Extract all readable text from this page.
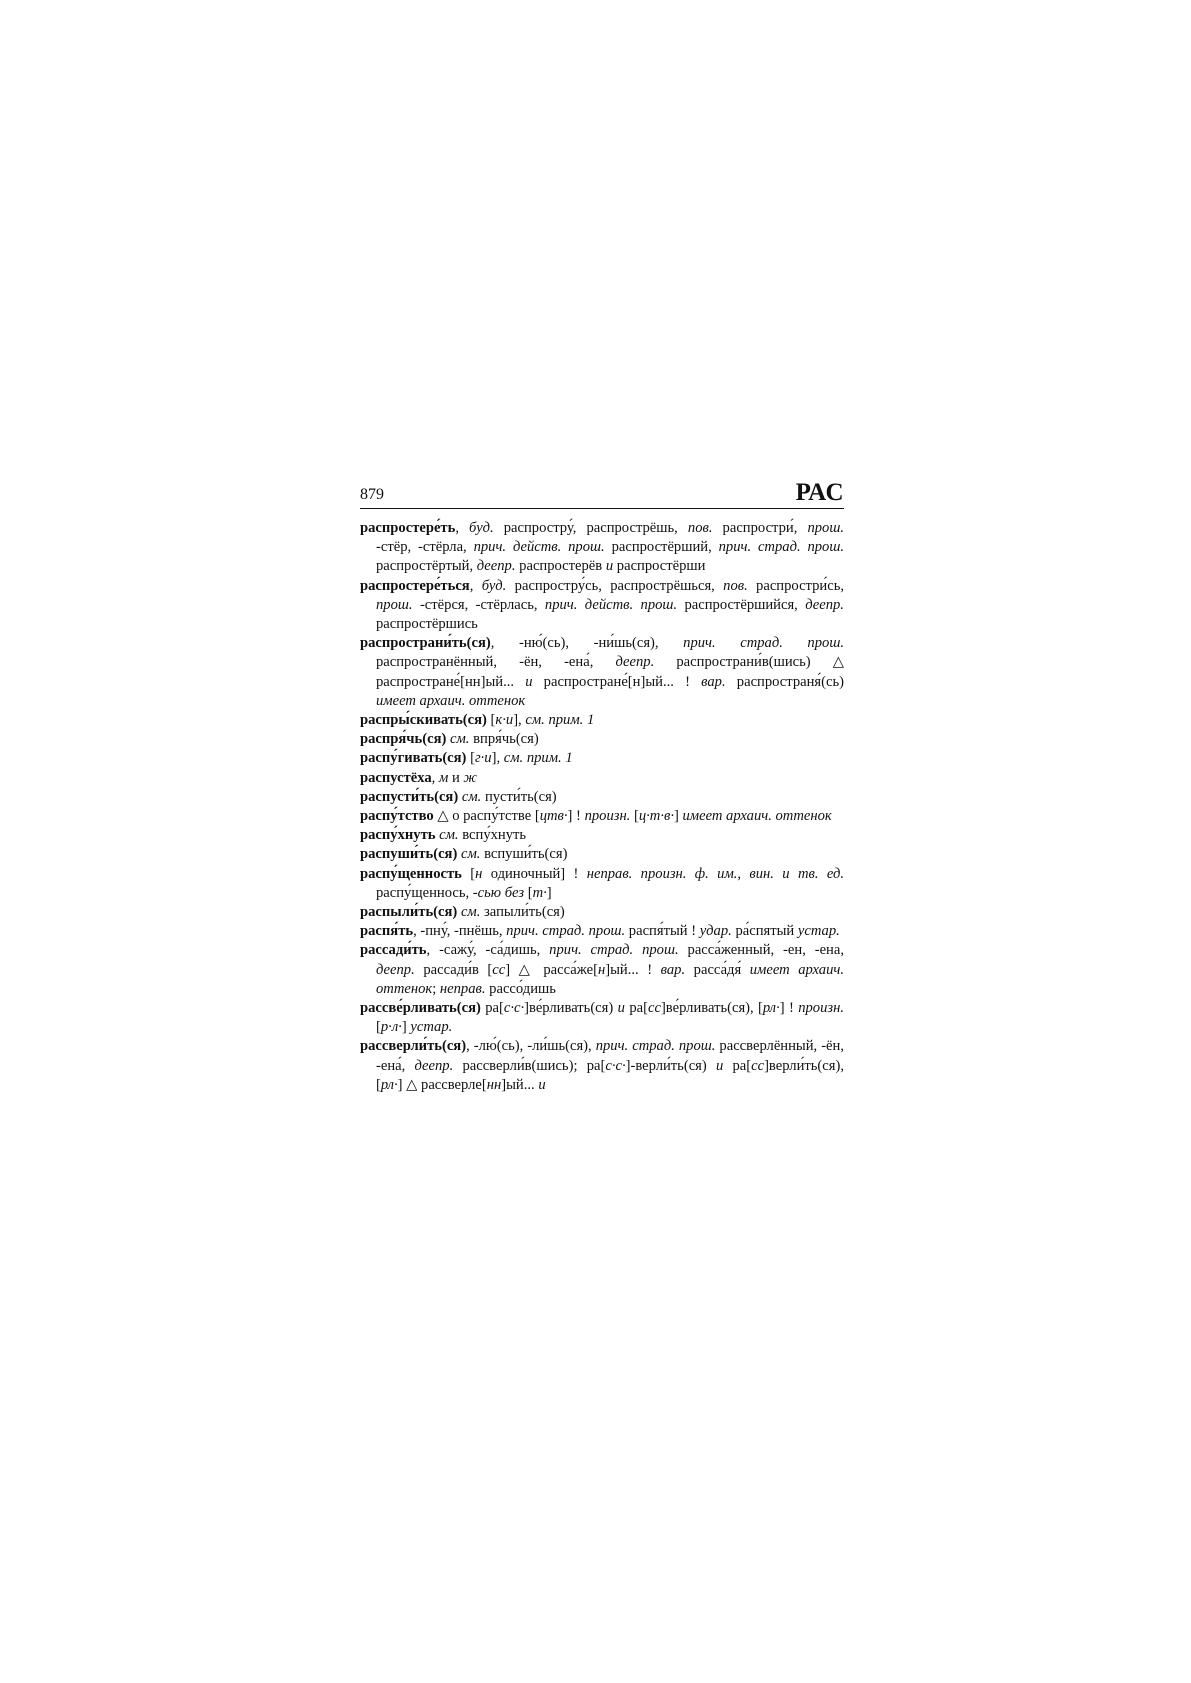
879	РАС
распростере́ть, буд. распростру́, распрострёшь, пов. распростри́, прош. -стёр, -стёрла, прич. действ. прош. распростёрший, прич. страд. прош. распростёртый, деепр. распростерёв и распростёрши
распростере́ться, буд. распростру́сь, распрострёшься, пов. распростри́сь, прош. -стёрся, -стёрлась, прич. действ. прош. распростёршийся, деепр. распростёршись
распространи́ть(ся), -ню́(сь), -ни́шь(ся), прич. страд. прош. распространённый, -ён, -ена́, деепр. распространи́в(шись) △ распростране́[нн]ый... и распростране́[н]ый... ! вар. распространя́(сь) имеет архаич. оттенок
распры́скивать(ся) [к·и], см. прим. 1
распря́чь(ся) см. впря́чь(ся)
распу́гивать(ся) [г·и], см. прим. 1
распустёха, м и ж
распусти́ть(ся) см. пусти́ть(ся)
распу́тство △ о распу́тстве [цтв·] ! произн. [ц·т·в·] имеет архаич. оттенок
распу́хнуть см. вспу́хнуть
распуши́ть(ся) см. вспуши́ть(ся)
распу́щенность [н одиночный] ! неправ. произн. ф. им., вин. и тв. ед. распу́щеннось, -сью без [т·]
распыли́ть(ся) см. запыли́ть(ся)
распя́ть, -пну́, -пнёшь, прич. страд. прош. распя́тый ! удар. ра́спятый устар.
рассади́ть, -сажу́, -са́дишь, прич. страд. прош. расса́женный, -ен, -ена, деепр. рассади́в [сс] △ расса́же[н]ый... ! вар. расса́дя́ имеет архаич. оттенок; неправ. рассо́дишь
рассве́рливать(ся) ра[с·с·]ве́рливать(ся) и ра[сс]ве́рливать(ся), [рл·] ! произн. [р·л·] устар.
рассверли́ть(ся), -лю́(сь), -ли́шь(ся), прич. страд. прош. рассверлённый, -ён, -ена́, деепр. рассверли́в(шись); ра[с·с·]-верли́ть(ся) и ра[сс]верли́ть(ся), [рл·] △ рассверле[нн]ый... и
